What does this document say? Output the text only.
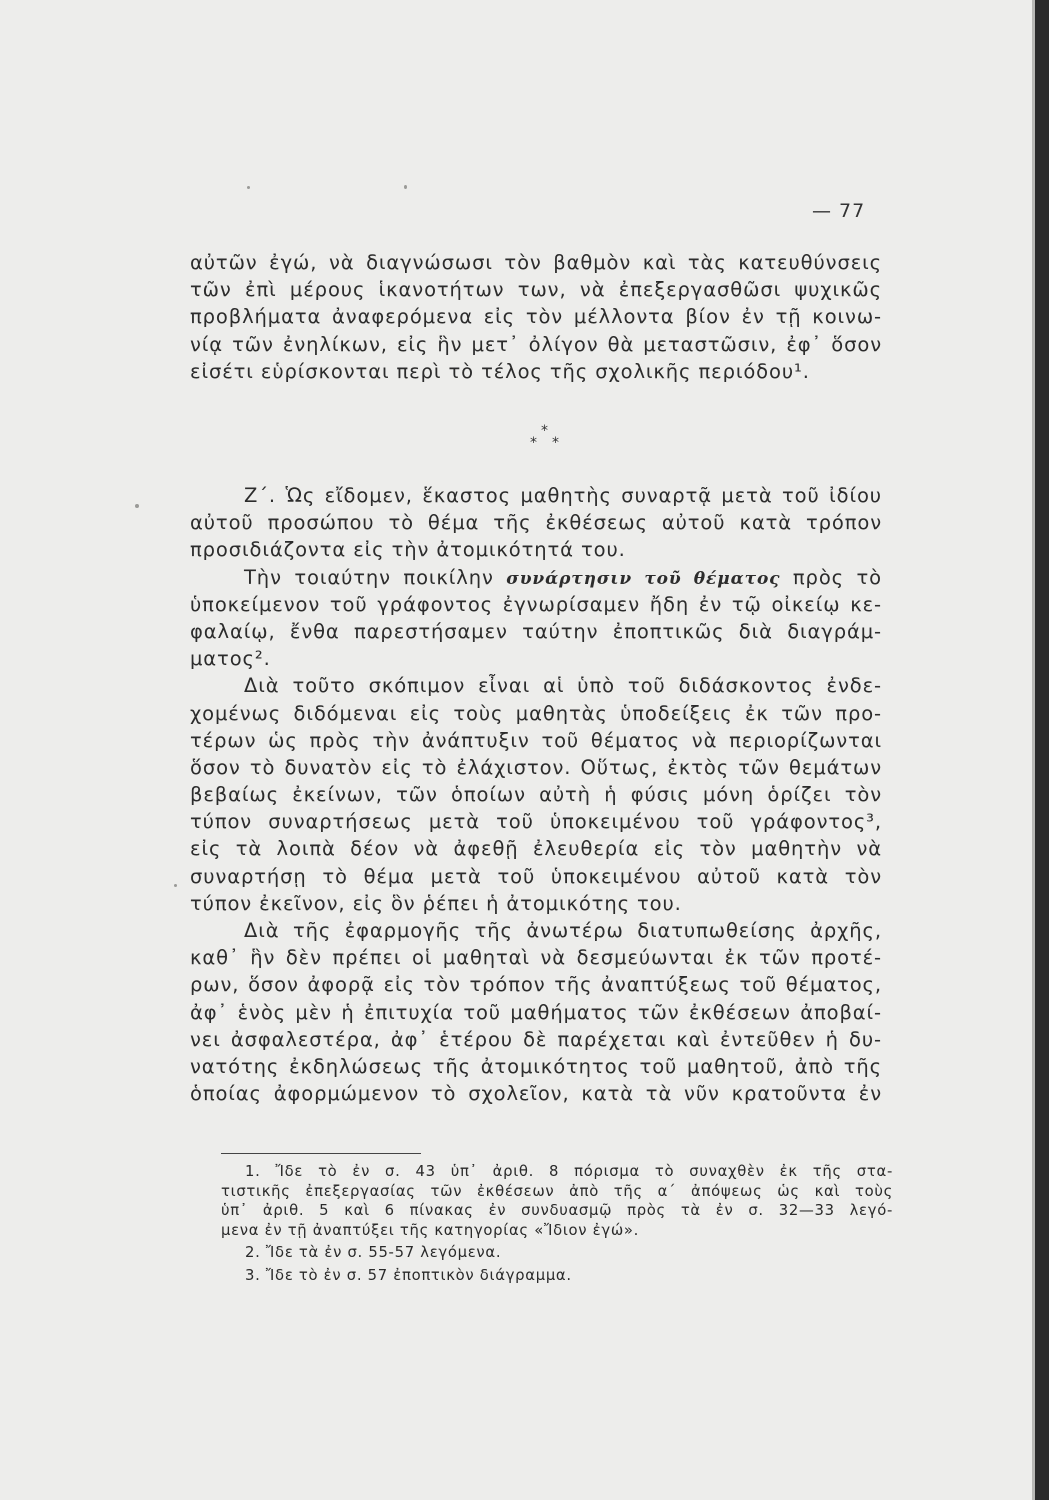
— 77
αὐτῶν ἐγώ, νὰ διαγνώσωσι τὸν βαθμὸν καὶ τὰς κατευθύνσεις
τῶν ἐπὶ μέρους ἱκανοτήτων των, νὰ ἐπεξεργασθῶσι ψυχικῶς
προβλήματα ἀναφερόμενα εἰς τὸν μέλλοντα βίον ἐν τῇ κοινω-
νίᾳ τῶν ἐνηλίκων, εἰς ἣν μετ᾿ ὀλίγον θὰ μεταστῶσιν, ἐφ᾿ ὅσον
εἰσέτι εὑρίσκονται περὶ τὸ τέλος τῆς σχολικῆς περιόδου¹.
*
* *
Ζ΄. Ὡς εἴδομεν, ἕκαστος μαθητὴς συναρτᾷ μετὰ τοῦ ἰδίου
αὐτοῦ προσώπου τὸ θέμα τῆς ἐκθέσεως αὐτοῦ κατὰ τρόπον
προσιδιάζοντα εἰς τὴν ἀτομικότητά του.
Τὴν τοιαύτην ποικίλην συνάρτησιν τοῦ θέματος πρὸς τὸ
ὑποκείμενον τοῦ γράφοντος ἐγνωρίσαμεν ἤδη ἐν τῷ οἰκείῳ κε-
φαλαίῳ, ἔνθα παρεστήσαμεν ταύτην ἐποπτικῶς διὰ διαγράμ-
ματος².
Διὰ τοῦτο σκόπιμον εἶναι αἱ ὑπὸ τοῦ διδάσκοντος ἐνδε-
χομένως διδόμεναι εἰς τοὺς μαθητὰς ὑποδείξεις ἐκ τῶν προ-
τέρων ὡς πρὸς τὴν ἀνάπτυξιν τοῦ θέματος νὰ περιορίζωνται
ὅσον τὸ δυνατὸν εἰς τὸ ἐλάχιστον. Οὕτως, ἐκτὸς τῶν θεμάτων
βεβαίως ἐκείνων, τῶν ὁποίων αὐτὴ ἡ φύσις μόνη ὁρίζει τὸν
τύπον συναρτήσεως μετὰ τοῦ ὑποκειμένου τοῦ γράφοντος³,
εἰς τὰ λοιπὰ δέον νὰ ἀφεθῇ ἐλευθερία εἰς τὸν μαθητὴν νὰ
συναρτήσῃ τὸ θέμα μετὰ τοῦ ὑποκειμένου αὐτοῦ κατὰ τὸν
τύπον ἐκεῖνον, εἰς ὃν ῥέπει ἡ ἀτομικότης του.
Διὰ τῆς ἐφαρμογῆς τῆς ἀνωτέρω διατυπωθείσης ἀρχῆς,
καθ᾿ ἣν δὲν πρέπει οἱ μαθηταὶ νὰ δεσμεύωνται ἐκ τῶν προτέ-
ρων, ὅσον ἀφορᾷ εἰς τὸν τρόπον τῆς ἀναπτύξεως τοῦ θέματος,
ἀφ᾿ ἑνὸς μὲν ἡ ἐπιτυχία τοῦ μαθήματος τῶν ἐκθέσεων ἀποβαί-
νει ἀσφαλεστέρα, ἀφ᾿ ἑτέρου δὲ παρέχεται καὶ ἐντεῦθεν ἡ δυ-
νατότης ἐκδηλώσεως τῆς ἀτομικότητος τοῦ μαθητοῦ, ἀπὸ τῆς
ὁποίας ἀφορμώμενον τὸ σχολεῖον, κατὰ τὰ νῦν κρατοῦντα ἐν
1. Ἴδε τὸ ἐν σ. 43 ὑπ᾿ ἀριθ. 8 πόρισμα τὸ συναχθὲν ἐκ τῆς στα-
τιστικῆς ἐπεξεργασίας τῶν ἐκθέσεων ἀπὸ τῆς α΄ ἀπόψεως ὡς καὶ τοὺς
ὑπ᾿ ἀριθ. 5 καὶ 6 πίνακας ἐν συνδυασμῷ πρὸς τὰ ἐν σ. 32—33 λεγό-
μενα ἐν τῇ ἀναπτύξει τῆς κατηγορίας «Ἴδιον ἐγώ».
2. Ἴδε τὰ ἐν σ. 55-57 λεγόμενα.
3. Ἴδε τὸ ἐν σ. 57 ἐποπτικὸν διάγραμμα.
